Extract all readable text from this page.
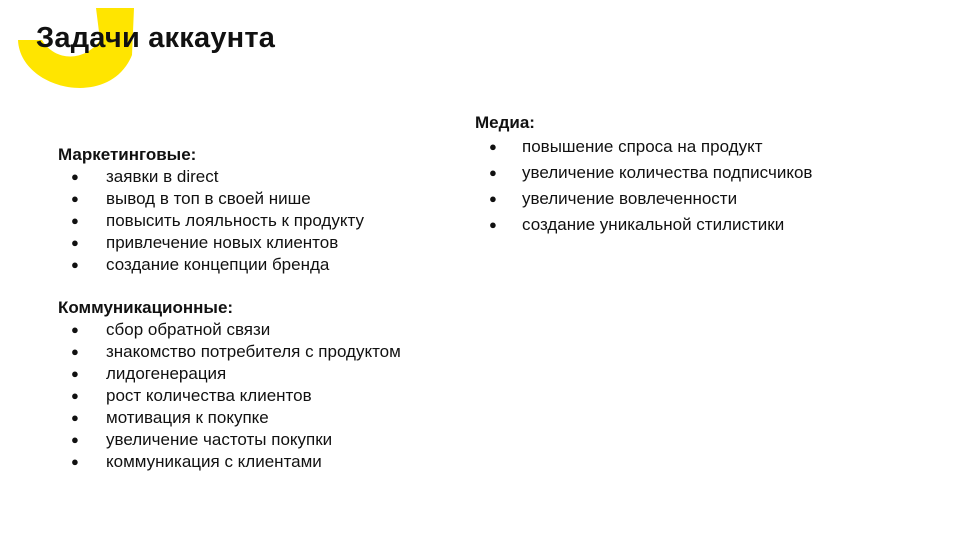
Задачи аккаунта
Маркетинговые:
● заявки в direct
● вывод в топ в своей нише
● повысить лояльность к продукту
● привлечение новых клиентов
● создание концепции бренда
Коммуникационные:
● сбор обратной связи
● знакомство потребителя с продуктом
● лидогенерация
● рост количества клиентов
● мотивация к покупке
● увеличение частоты покупки
● коммуникация с клиентами
Медиа:
● повышение спроса на продукт
● увеличение количества подписчиков
● увеличение вовлеченности
● создание уникальной стилистики
